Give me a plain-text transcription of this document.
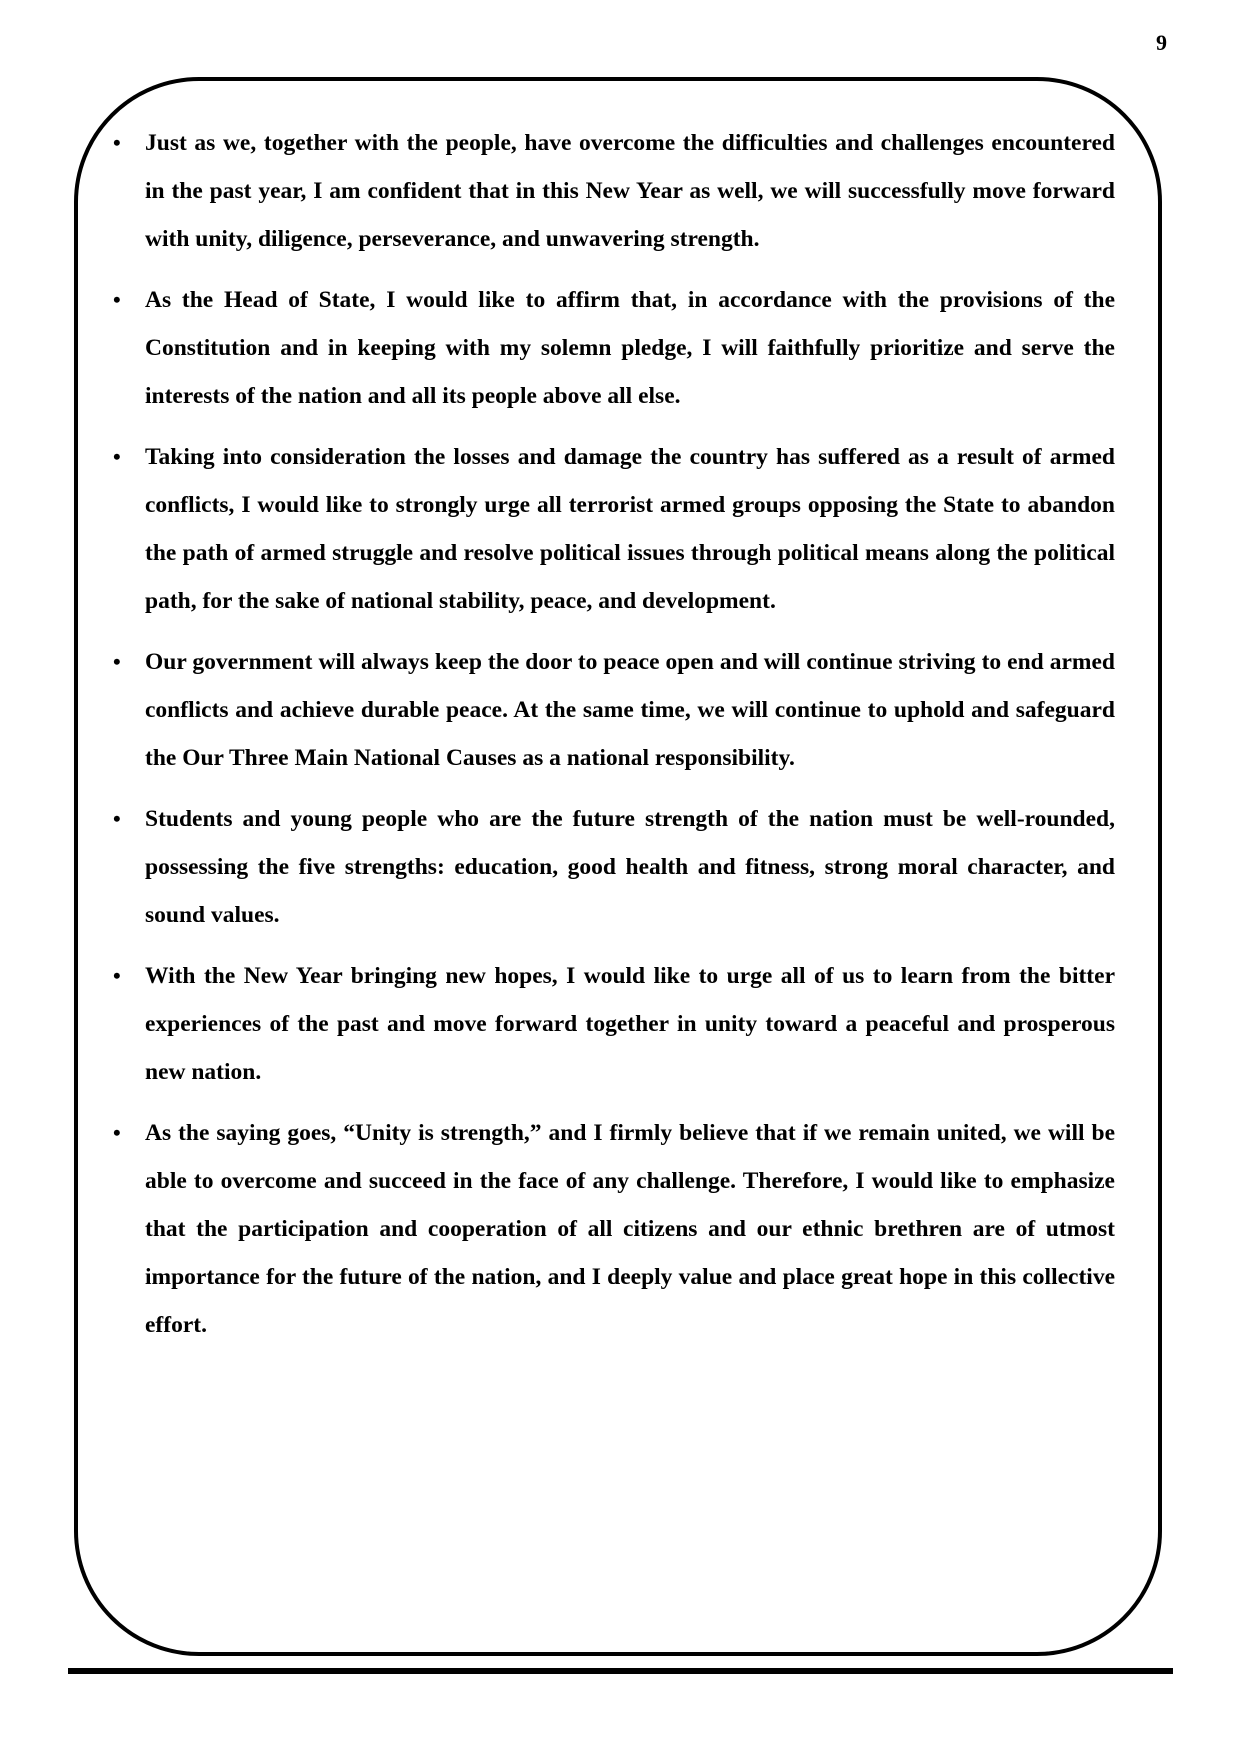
9
• Just as we, together with the people, have overcome the difficulties and challenges encountered in the past year, I am confident that in this New Year as well, we will successfully move forward with unity, diligence, perseverance, and unwavering strength.
• As the Head of State, I would like to affirm that, in accordance with the provisions of the Constitution and in keeping with my solemn pledge, I will faithfully prioritize and serve the interests of the nation and all its people above all else.
• Taking into consideration the losses and damage the country has suffered as a result of armed conflicts, I would like to strongly urge all terrorist armed groups opposing the State to abandon the path of armed struggle and resolve political issues through political means along the political path, for the sake of national stability, peace, and development.
• Our government will always keep the door to peace open and will continue striving to end armed conflicts and achieve durable peace. At the same time, we will continue to uphold and safeguard the Our Three Main National Causes as a national responsibility.
• Students and young people who are the future strength of the nation must be well-rounded, possessing the five strengths: education, good health and fitness, strong moral character, and sound values.
• With the New Year bringing new hopes, I would like to urge all of us to learn from the bitter experiences of the past and move forward together in unity toward a peaceful and prosperous new nation.
• As the saying goes, “Unity is strength,” and I firmly believe that if we remain united, we will be able to overcome and succeed in the face of any challenge. Therefore, I would like to emphasize that the participation and cooperation of all citizens and our ethnic brethren are of utmost importance for the future of the nation, and I deeply value and place great hope in this collective effort.
